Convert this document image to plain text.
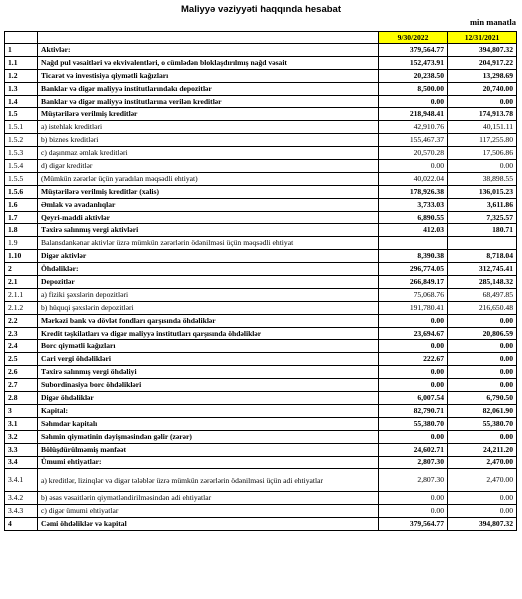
Maliyyə vəziyyəti haqqında hesabat
min manatla
		9/30/2022	12/31/2021
1	Aktivlər:	379,564.77	394,807.32
1.1	Nağd pul vəsaitləri və ekvivalentləri, o cümlədən bloklaşdırılmış nağd vəsait	152,473.91	204,917.22
1.2	Ticarət və investisiya qiymətli kağızları	20,238.50	13,298.69
1.3	Banklar və digər maliyyə institutlarındakı depozitlər	8,500.00	20,740.00
1.4	Banklar və digər maliyyə institutlarına verilən kreditlər	0.00	0.00
1.5	Müştərilərə verilmiş kreditlər	218,948.41	174,913.78
1.5.1	a) istehlak kreditləri	42,910.76	40,151.11
1.5.2	b) biznes kreditləri	155,467.37	117,255.80
1.5.3	c) daşınmaz əmlak kreditləri	20,570.28	17,506.86
1.5.4	d) digər kreditlər	0.00	0.00
1.5.5	(Mümkün zərərlər üçün yaradılan məqsədli ehtiyat)	40,022.04	38,898.55
1.5.6	Müştərilərə verilmiş kreditlər (xalis)	178,926.38	136,015.23
1.6	Əmlak və avadanlıqlar	3,733.03	3,611.86
1.7	Qeyri-maddi aktivlər	6,890.55	7,325.57
1.8	Təxirə salınmış vergi aktivləri	412.03	180.71
1.9	Balansdankənar aktivlər üzrə mümkün zərərlərin ödənilməsi üçün məqsədli ehtiyat		
1.10	Digər aktivlər	8,390.38	8,718.04
2	Öhdəliklər:	296,774.05	312,745.41
2.1	Depozitlər	266,849.17	285,148.32
2.1.1	a) fiziki şəxslərin depozitləri	75,068.76	68,497.85
2.1.2	b) hüquqi şəxslərin depozitləri	191,780.41	216,650.48
2.2	Mərkəzi bank və dövlət fondları qarşısında öhdəliklər	0.00	0.00
2.3	Kredit təşkilatları və digər maliyyə institutları qarşısında öhdəliklər	23,694.67	20,806.59
2.4	Borc qiymətli kağızları	0.00	0.00
2.5	Cari vergi öhdəlikləri	222.67	0.00
2.6	Təxirə salınmış vergi öhdəliyi	0.00	0.00
2.7	Subordinasiya borc öhdəlikləri	0.00	0.00
2.8	Digər öhdəliklər	6,007.54	6,790.50
3	Kapital:	82,790.71	82,061.90
3.1	Səhmdar kapitalı	55,380.70	55,380.70
3.2	Səhmin qiymətinin dəyişməsindən gəlir (zərər)	0.00	0.00
3.3	Bölüşdürülməmiş mənfəət	24,602.71	24,211.20
3.4	Ümumi ehtiyatlar:	2,807.30	2,470.00
3.4.1	a) kreditlər, lizinqlər və digər tələblər üzrə mümkün zərərlərin ödənilməsi üçün adi ehtiyatlar	2,807.30	2,470.00
3.4.2	b) əsas vəsaitlərin qiymətləndirilməsindən adi ehtiyatlar	0.00	0.00
3.4.3	c) digər ümumi ehtiyatlar	0.00	0.00
4	Cəmi öhdəliklər və kapital	379,564.77	394,807.32
